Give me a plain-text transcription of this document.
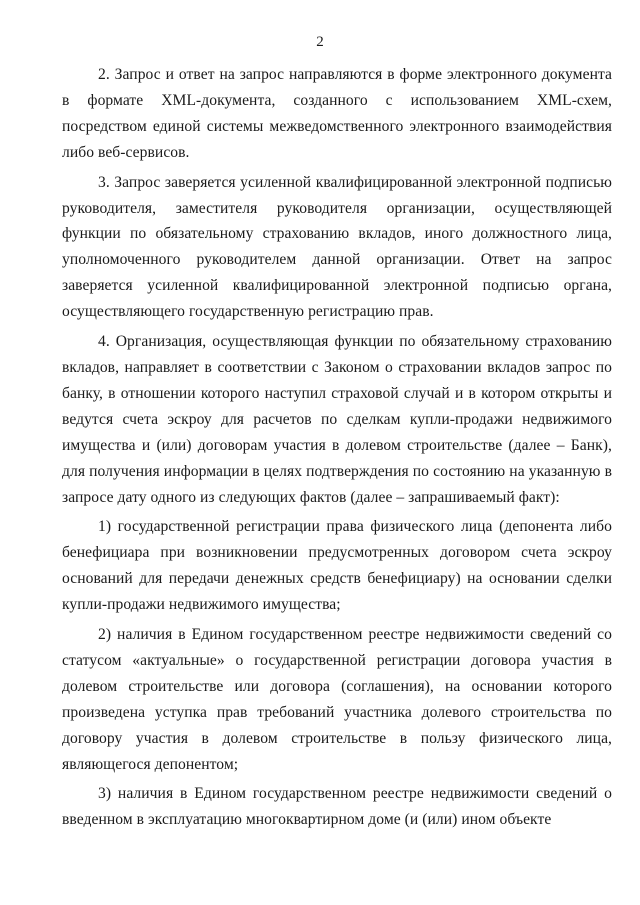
2

2. Запрос и ответ на запрос направляются в форме электронного документа в формате XML-документа, созданного с использованием XML-схем, посредством единой системы межведомственного электронного взаимодействия либо веб-сервисов.

3. Запрос заверяется усиленной квалифицированной электронной подписью руководителя, заместителя руководителя организации, осуществляющей функции по обязательному страхованию вкладов, иного должностного лица, уполномоченного руководителем данной организации. Ответ на запрос заверяется усиленной квалифицированной электронной подписью органа, осуществляющего государственную регистрацию прав.

4. Организация, осуществляющая функции по обязательному страхованию вкладов, направляет в соответствии с Законом о страховании вкладов запрос по банку, в отношении которого наступил страховой случай и в котором открыты и ведутся счета эскроу для расчетов по сделкам купли-продажи недвижимого имущества и (или) договорам участия в долевом строительстве (далее – Банк), для получения информации в целях подтверждения по состоянию на указанную в запросе дату одного из следующих фактов (далее – запрашиваемый факт):

1) государственной регистрации права физического лица (депонента либо бенефициара при возникновении предусмотренных договором счета эскроу оснований для передачи денежных средств бенефициару) на основании сделки купли-продажи недвижимого имущества;

2) наличия в Едином государственном реестре недвижимости сведений со статусом «актуальные» о государственной регистрации договора участия в долевом строительстве или договора (соглашения), на основании которого произведена уступка прав требований участника долевого строительства по договору участия в долевом строительстве в пользу физического лица, являющегося депонентом;

3) наличия в Едином государственном реестре недвижимости сведений о введенном в эксплуатацию многоквартирном доме (и (или) ином объекте
